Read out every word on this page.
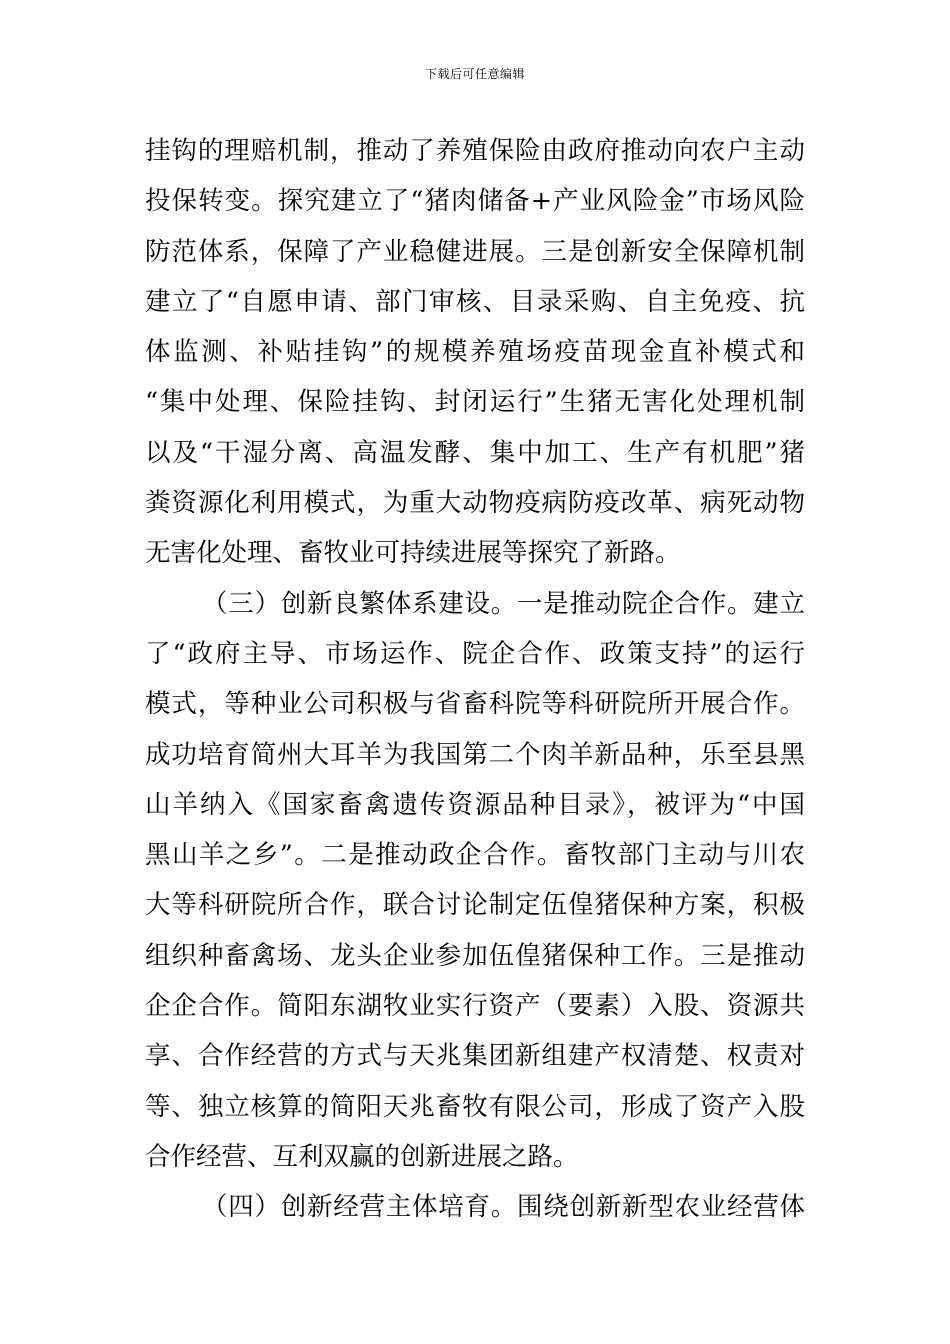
下载后可任意编辑
挂钩的理赔机制，推动了养殖保险由政府推动向农户主动
投保转变。探究建立了“猪肉储备+产业风险金”市场风险
防范体系，保障了产业稳健进展。三是创新安全保障机制
建立了“自愿申请、部门审核、目录采购、自主免疫、抗
体监测、补贴挂钩”的规模养殖场疫苗现金直补模式和
“集中处理、保险挂钩、封闭运行”生猪无害化处理机制
以及“干湿分离、高温发酵、集中加工、生产有机肥”猪
粪资源化利用模式，为重大动物疫病防疫改革、病死动物
无害化处理、畜牧业可持续进展等探究了新路。
（三）创新良繁体系建设。一是推动院企合作。建立
了“政府主导、市场运作、院企合作、政策支持”的运行
模式，等种业公司积极与省畜科院等科研院所开展合作。
成功培育简州大耳羊为我国第二个肉羊新品种，乐至县黑
山羊纳入《国家畜禽遗传资源品种目录》，被评为“中国
黑山羊之乡”。二是推动政企合作。畜牧部门主动与川农
大等科研院所合作，联合讨论制定伍偟猪保种方案，积极
组织种畜禽场、龙头企业参加伍偟猪保种工作。三是推动
企企合作。简阳东湖牧业实行资产（要素）入股、资源共
享、合作经营的方式与天兆集团新组建产权清楚、权责对
等、独立核算的简阳天兆畜牧有限公司，形成了资产入股
合作经营、互利双赢的创新进展之路。
（四）创新经营主体培育。围绕创新新型农业经营体
